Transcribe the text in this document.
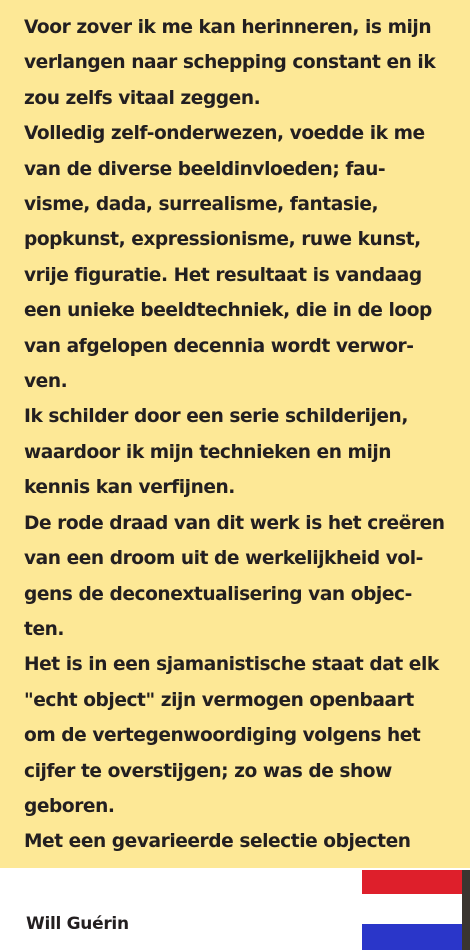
Voor zover ik me kan herinneren, is mijn
verlangen naar schepping constant en ik
zou zelfs vitaal zeggen.
Volledig zelf-onderwezen, voedde ik me
van de diverse beeldinvloeden; fau-
visme, dada, surrealisme, fantasie,
popkunst, expressionisme, ruwe kunst,
vrije figuratie. Het resultaat is vandaag
een unieke beeldtechniek, die in de loop
van afgelopen decennia wordt verwor-
ven.
Ik schilder door een serie schilderijen,
waardoor ik mijn technieken en mijn
kennis kan verfijnen.
De rode draad van dit werk is het creëren
van een droom uit de werkelijkheid vol-
gens de deconextualisering van objec-
ten.
Het is in een sjamanistische staat dat elk
"echt object" zijn vermogen openbaart
om de vertegenwoordiging volgens het
cijfer te overstijgen; zo was de show
geboren.
Met een gevarieerde selectie objecten

Will Guérin
